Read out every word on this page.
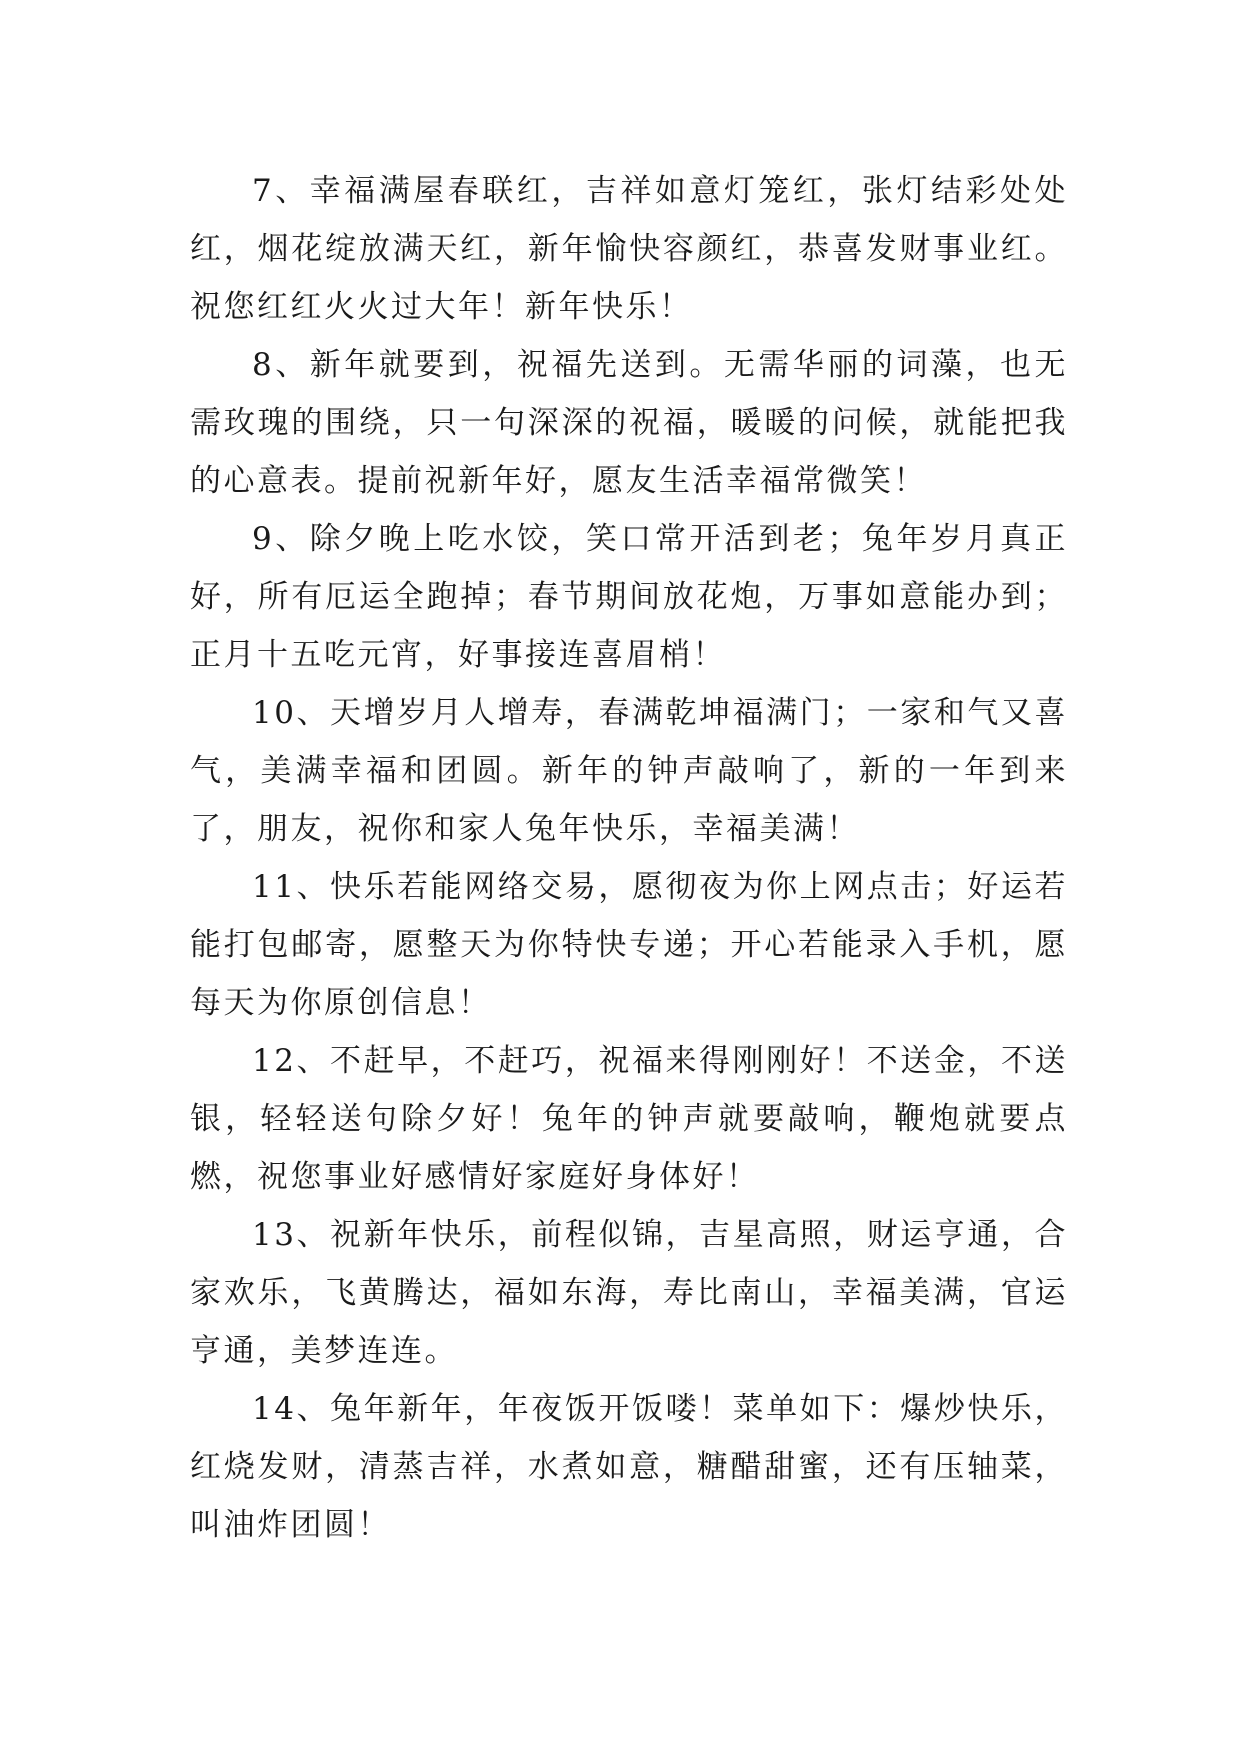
7、幸福满屋春联红，吉祥如意灯笼红，张灯结彩处处红，烟花绽放满天红，新年愉快容颜红，恭喜发财事业红。祝您红红火火过大年！新年快乐！

8、新年就要到，祝福先送到。无需华丽的词藻，也无需玫瑰的围绕，只一句深深的祝福，暖暖的问候，就能把我的心意表。提前祝新年好，愿友生活幸福常微笑！

9、除夕晚上吃水饺，笑口常开活到老；兔年岁月真正好，所有厄运全跑掉；春节期间放花炮，万事如意能办到；正月十五吃元宵，好事接连喜眉梢！

10、天增岁月人增寿，春满乾坤福满门；一家和气又喜气，美满幸福和团圆。新年的钟声敲响了，新的一年到来了，朋友，祝你和家人兔年快乐，幸福美满！

11、快乐若能网络交易，愿彻夜为你上网点击；好运若能打包邮寄，愿整天为你特快专递；开心若能录入手机，愿每天为你原创信息！

12、不赶早，不赶巧，祝福来得刚刚好！不送金，不送银，轻轻送句除夕好！兔年的钟声就要敲响，鞭炮就要点燃，祝您事业好感情好家庭好身体好！

13、祝新年快乐，前程似锦，吉星高照，财运亨通，合家欢乐，飞黄腾达，福如东海，寿比南山，幸福美满，官运亨通，美梦连连。

14、兔年新年，年夜饭开饭喽！菜单如下：爆炒快乐，红烧发财，清蒸吉祥，水煮如意，糖醋甜蜜，还有压轴菜，叫油炸团圆！
